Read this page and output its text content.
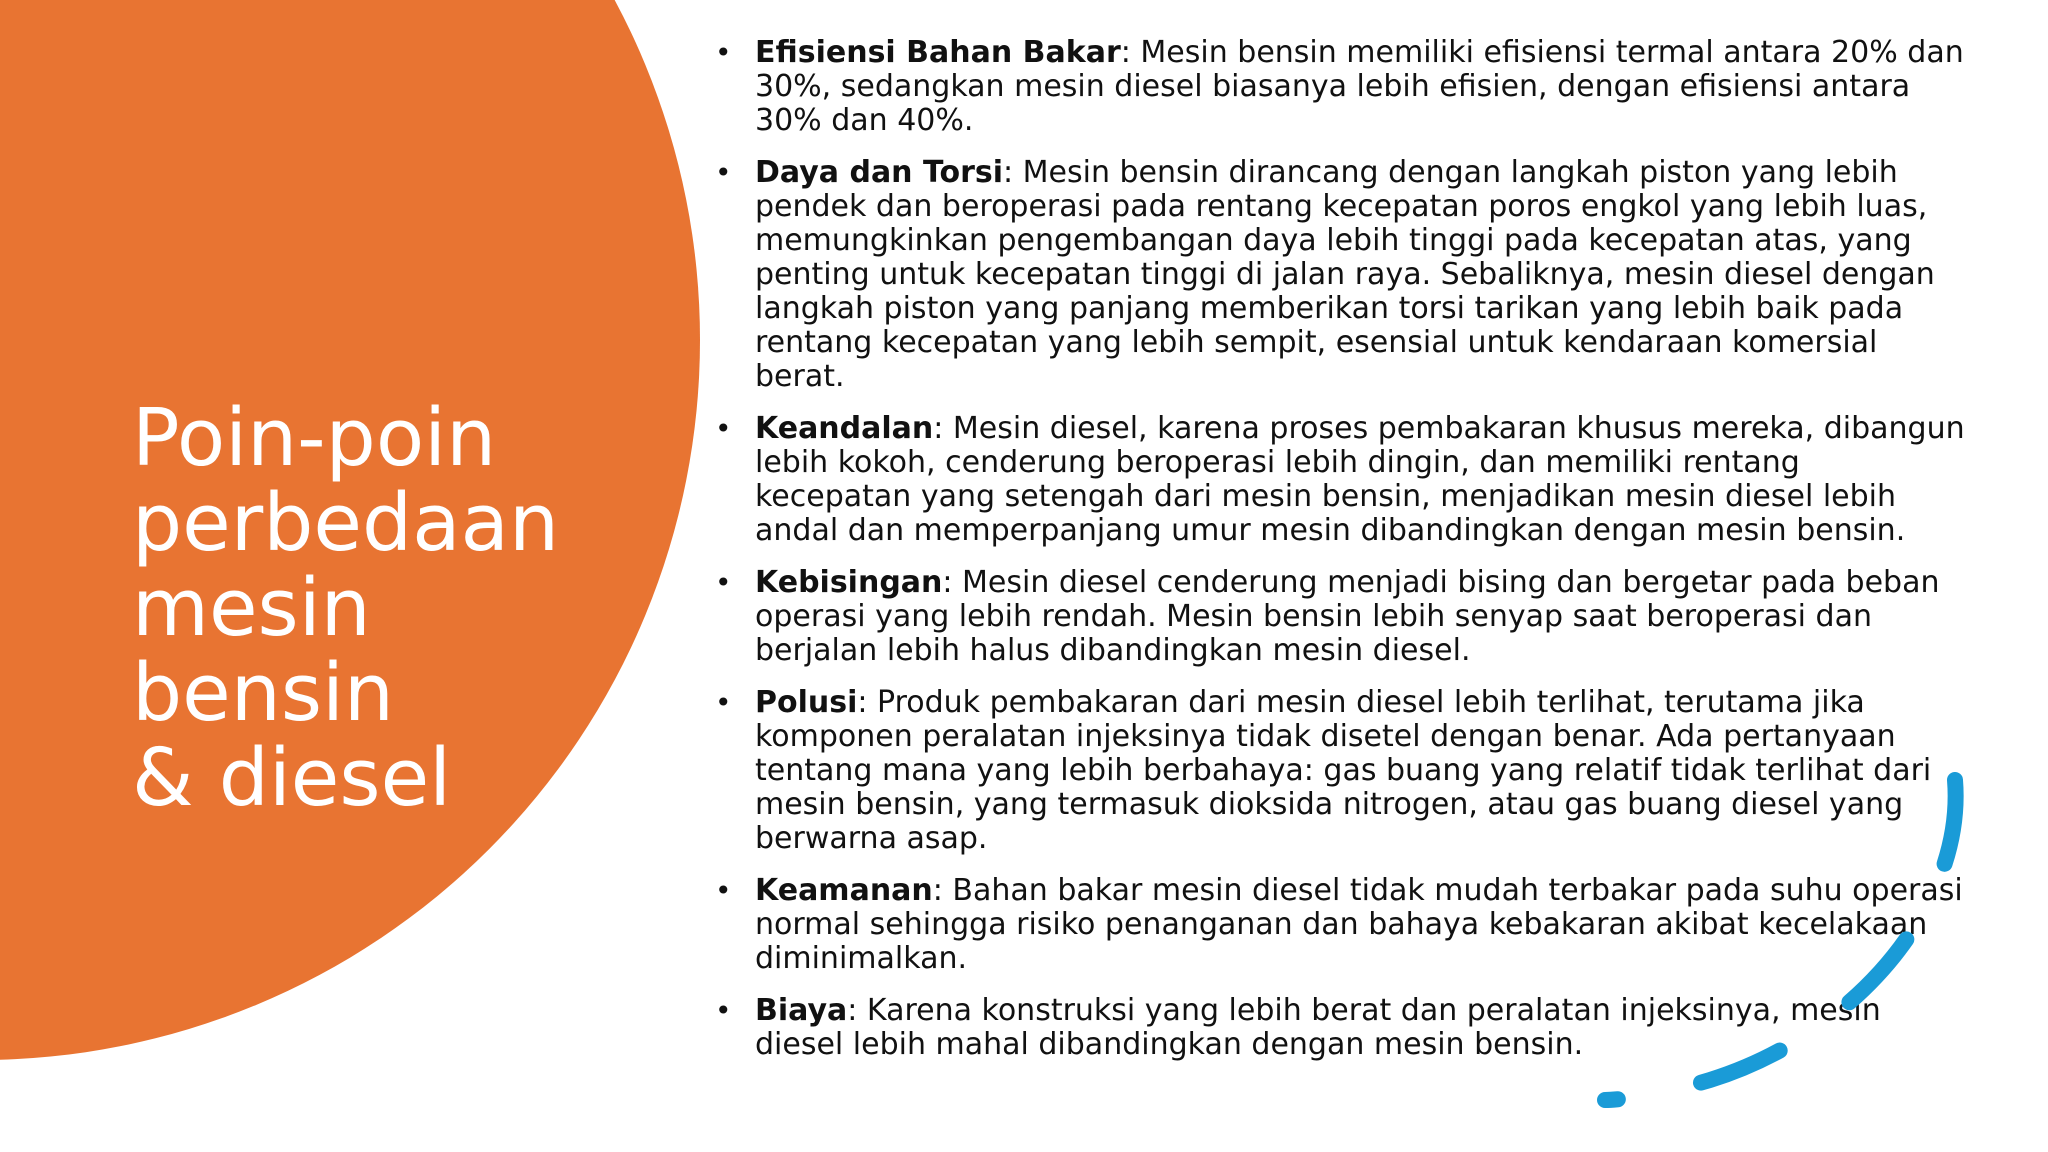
Poin-poin perbedaan mesin bensin
& diesel
• Efisiensi Bahan Bakar: Mesin bensin memiliki efisiensi termal antara 20% dan 30%, sedangkan mesin diesel biasanya lebih efisien, dengan efisiensi antara 30% dan 40%.
• Daya dan Torsi: Mesin bensin dirancang dengan langkah piston yang lebih pendek dan beroperasi pada rentang kecepatan poros engkol yang lebih luas, memungkinkan pengembangan daya lebih tinggi pada kecepatan atas, yang penting untuk kecepatan tinggi di jalan raya. Sebaliknya, mesin diesel dengan langkah piston yang panjang memberikan torsi tarikan yang lebih baik pada rentang kecepatan yang lebih sempit, esensial untuk kendaraan komersial berat.
• Keandalan: Mesin diesel, karena proses pembakaran khusus mereka, dibangun lebih kokoh, cenderung beroperasi lebih dingin, dan memiliki rentang kecepatan yang setengah dari mesin bensin, menjadikan mesin diesel lebih andal dan memperpanjang umur mesin dibandingkan dengan mesin bensin.
• Kebisingan: Mesin diesel cenderung menjadi bising dan bergetar pada beban operasi yang lebih rendah. Mesin bensin lebih senyap saat beroperasi dan berjalan lebih halus dibandingkan mesin diesel.
• Polusi: Produk pembakaran dari mesin diesel lebih terlihat, terutama jika komponen peralatan injeksinya tidak disetel dengan benar. Ada pertanyaan tentang mana yang lebih berbahaya: gas buang yang relatif tidak terlihat dari mesin bensin, yang termasuk dioksida nitrogen, atau gas buang diesel yang berwarna asap.
• Keamanan: Bahan bakar mesin diesel tidak mudah terbakar pada suhu operasi normal sehingga risiko penanganan dan bahaya kebakaran akibat kecelakaan diminimalkan.
• Biaya: Karena konstruksi yang lebih berat dan peralatan injeksinya, mesin diesel lebih mahal dibandingkan dengan mesin bensin.
